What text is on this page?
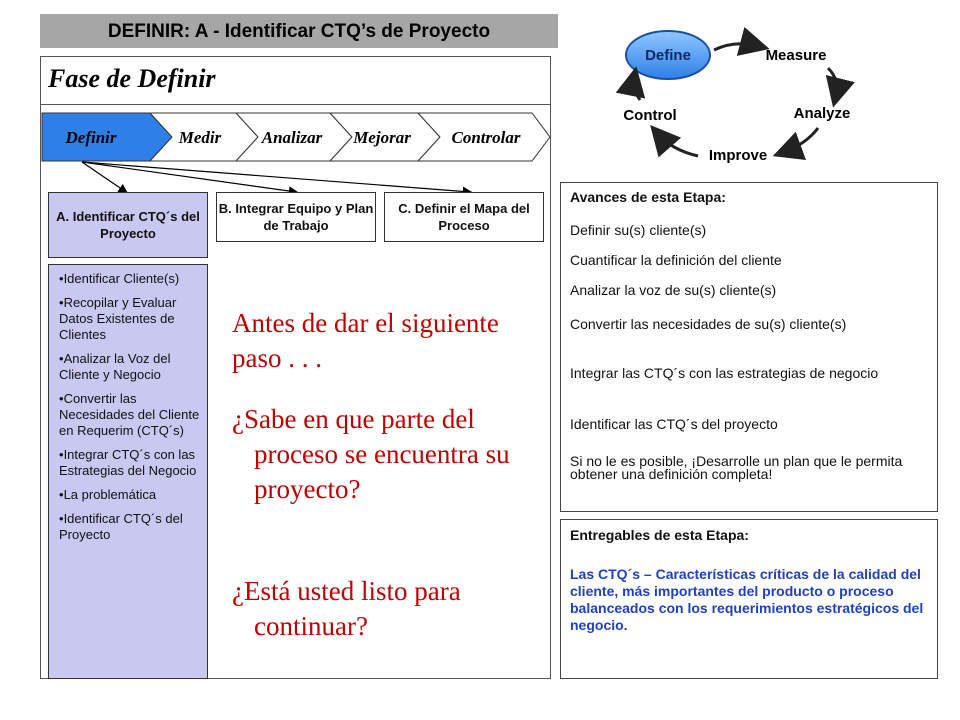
DEFINIR: A - Identificar CTQ’s de Proyecto
Fase de Definir
Definir	Medir Analizar Mejorar Controlar
A. Identificar CTQ´s del Proyecto
B. Integrar Equipo y Plan de Trabajo
C. Definir el Mapa del Proceso
• Identificar Cliente(s)
• Recopilar y Evaluar Datos Existentes de Clientes
• Analizar la Voz del Cliente y Negocio
• Convertir las Necesidades del Cliente en Requerim (CTQ´s)
• Integrar CTQ´s con las Estrategias del Negocio
• La problemática
• Identificar CTQ´s del Proyecto
Antes de dar el siguiente paso . . .
¿Sabe en que parte del proceso se encuentra su proyecto?
¿Está usted listo para continuar?
Define	Measure
Analyze
Improve
Control
Avances de esta Etapa:
Definir su(s) cliente(s)
Cuantificar la definición del cliente
Analizar la voz de su(s) cliente(s)
Convertir las necesidades de su(s) cliente(s)
Integrar las CTQ´s con las estrategias de negocio
Identificar las CTQ´s del proyecto
Si no le es posible, ¡Desarrolle un plan que le permita obtener una definición completa!
Entregables de esta Etapa:
Las CTQ´s – Características críticas de la calidad del cliente, más importantes del producto o proceso balanceados con los requerimientos estratégicos del negocio.
